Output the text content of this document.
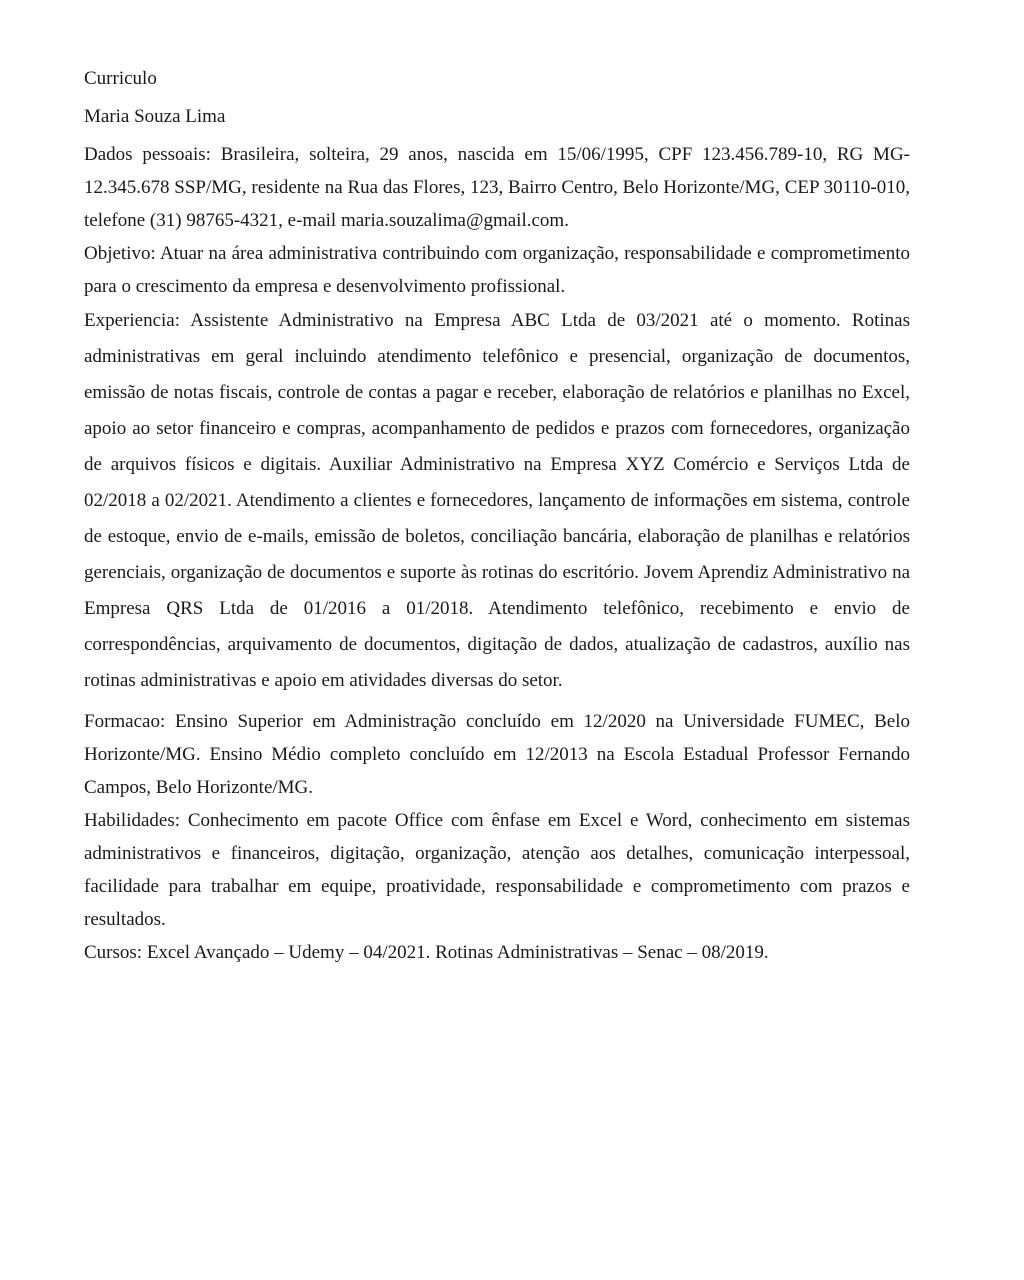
Curriculo

Maria Souza Lima

Dados pessoais: Brasileira, solteira, 29 anos, nascida em 15/06/1995, CPF 123.456.789-10, RG MG-12.345.678 SSP/MG, residente na Rua das Flores, 123, Bairro Centro, Belo Horizonte/MG, CEP 30110-010, telefone (31) 98765-4321, e-mail maria.souzalima@gmail.com.

Objetivo: Atuar na área administrativa contribuindo com organização, responsabilidade e comprometimento para o crescimento da empresa e desenvolvimento profissional.

Experiencia: Assistente Administrativo na Empresa ABC Ltda de 03/2021 até o momento. Rotinas administrativas em geral incluindo atendimento telefônico e presencial, organização de documentos, emissão de notas fiscais, controle de contas a pagar e receber, elaboração de relatórios e planilhas no Excel, apoio ao setor financeiro e compras, acompanhamento de pedidos e prazos com fornecedores, organização de arquivos físicos e digitais. Auxiliar Administrativo na Empresa XYZ Comércio e Serviços Ltda de 02/2018 a 02/2021. Atendimento a clientes e fornecedores, lançamento de informações em sistema, controle de estoque, envio de e-mails, emissão de boletos, conciliação bancária, elaboração de planilhas e relatórios gerenciais, organização de documentos e suporte às rotinas do escritório. Jovem Aprendiz Administrativo na Empresa QRS Ltda de 01/2016 a 01/2018. Atendimento telefônico, recebimento e envio de correspondências, arquivamento de documentos, digitação de dados, atualização de cadastros, auxílio nas rotinas administrativas e apoio em atividades diversas do setor.

Formacao: Ensino Superior em Administração concluído em 12/2020 na Universidade FUMEC, Belo Horizonte/MG. Ensino Médio completo concluído em 12/2013 na Escola Estadual Professor Fernando Campos, Belo Horizonte/MG.

Habilidades: Conhecimento em pacote Office com ênfase em Excel e Word, conhecimento em sistemas administrativos e financeiros, digitação, organização, atenção aos detalhes, comunicação interpessoal, facilidade para trabalhar em equipe, proatividade, responsabilidade e comprometimento com prazos e resultados.

Cursos: Excel Avançado – Udemy – 04/2021. Rotinas Administrativas – Senac – 08/2019.
